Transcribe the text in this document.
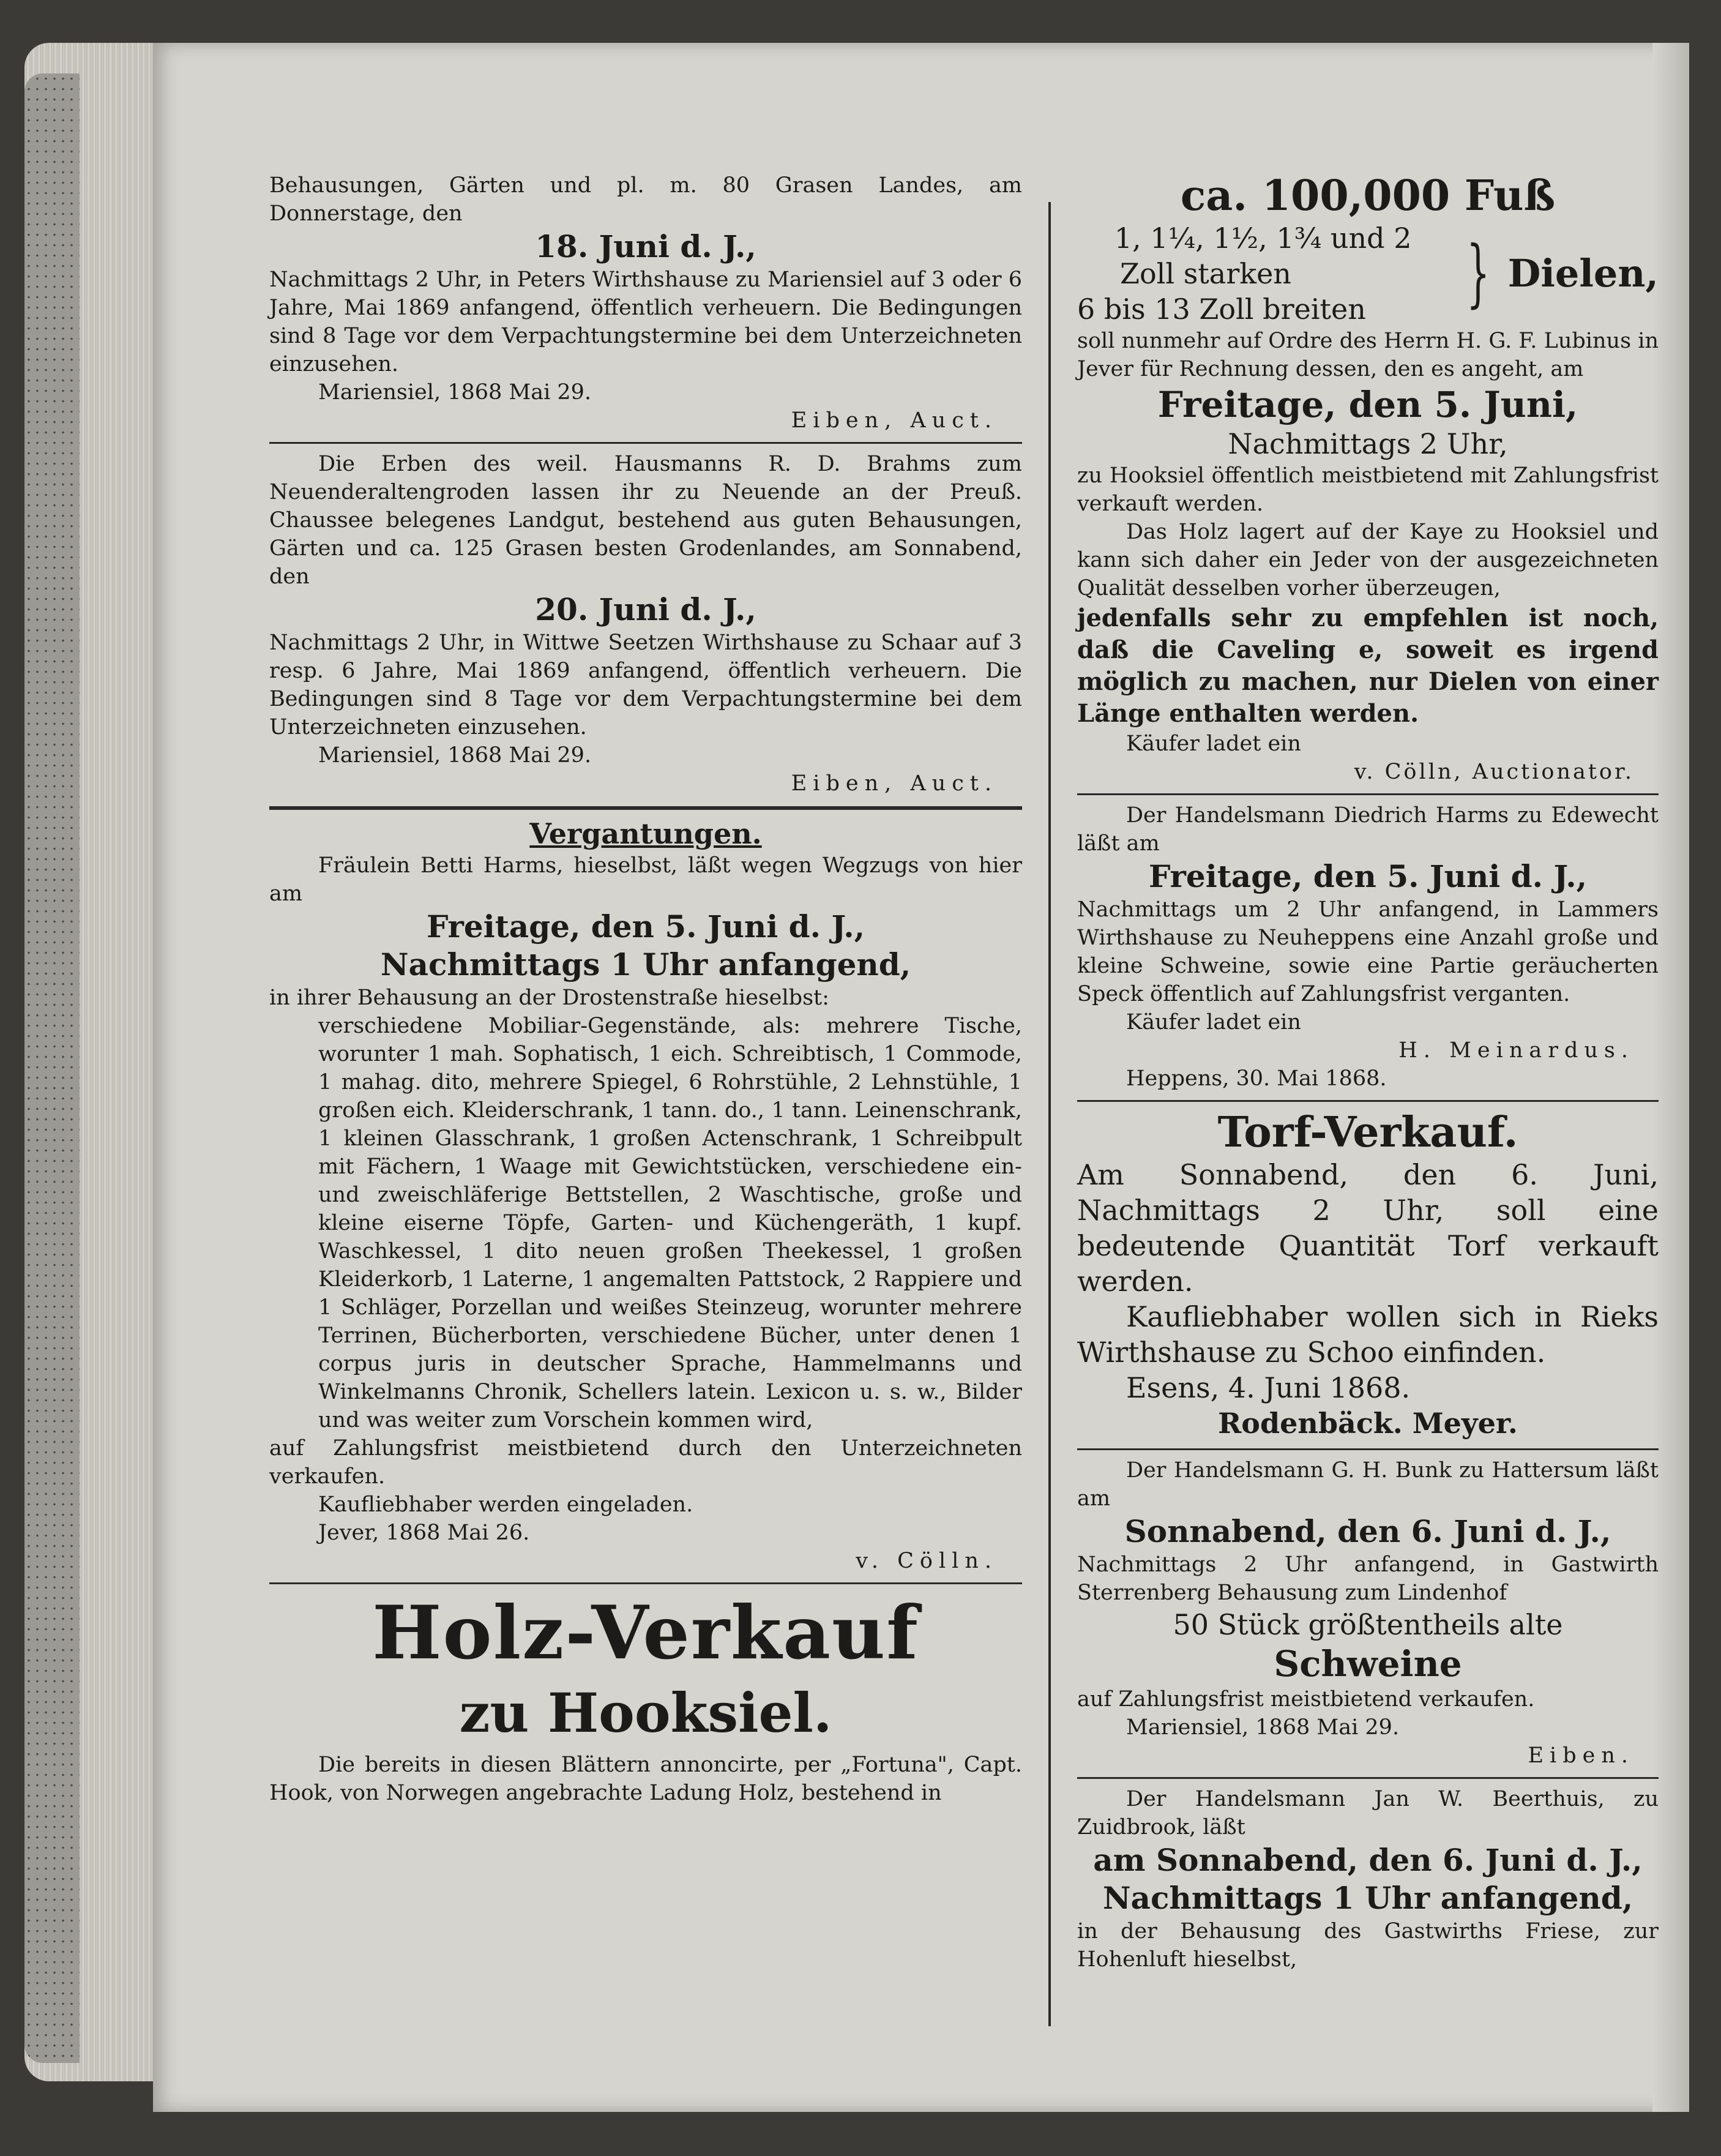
Behausungen, Gärten und pl. m. 80 Grasen Landes, am Donnerstage, den

18. Juni d. J.,

Nachmittags 2 Uhr, in Peters Wirthshause zu Mariensiel auf 3 oder 6 Jahre, Mai 1869 anfangend, öffentlich verheuern. Die Bedingungen sind 8 Tage vor dem Verpachtungstermine bei dem Unterzeichneten einzusehen.

Mariensiel, 1868 Mai 29.

Eiben, Auct.

Die Erben des weil. Hausmanns R. D. Brahms zum Neuenderaltengroden lassen ihr zu Neuende an der Preuß. Chaussee belegenes Landgut, bestehend aus guten Behausungen, Gärten und ca. 125 Grasen besten Grodenlandes, am Sonnabend, den

20. Juni d. J.,

Nachmittags 2 Uhr, in Wittwe Seetzen Wirthshause zu Schaar auf 3 resp. 6 Jahre, Mai 1869 anfangend, öffentlich verheuern. Die Bedingungen sind 8 Tage vor dem Verpachtungstermine bei dem Unterzeichneten einzusehen.

Mariensiel, 1868 Mai 29.

Eiben, Auct.

Vergantungen.

Fräulein Betti Harms, hieselbst, läßt wegen Wegzugs von hier am

Freitage, den 5. Juni d. J.,

Nachmittags 1 Uhr anfangend,

in ihrer Behausung an der Drostenstraße hieselbst:

verschiedene Mobiliar-Gegenstände, als: mehrere Tische, worunter 1 mah. Sophatisch, 1 eich. Schreibtisch, 1 Commode, 1 mahag. dito, mehrere Spiegel, 6 Rohrstühle, 2 Lehnstühle, 1 großen eich. Kleiderschrank, 1 tann. do., 1 tann. Leinenschrank, 1 kleinen Glasschrank, 1 großen Actenschrank, 1 Schreibpult mit Fächern, 1 Waage mit Gewichtstücken, verschiedene ein- und zweischläferige Bettstellen, 2 Waschtische, große und kleine eiserne Töpfe, Garten- und Küchengeräth, 1 kupf. Waschkessel, 1 dito neuen großen Theekessel, 1 großen Kleiderkorb, 1 Laterne, 1 angemalten Pattstock, 2 Rappiere und 1 Schläger, Porzellan und weißes Steinzeug, worunter mehrere Terrinen, Bücherborten, verschiedene Bücher, unter denen 1 corpus juris in deutscher Sprache, Hammelmanns und Winkelmanns Chronik, Schellers latein. Lexicon u. s. w., Bilder und was weiter zum Vorschein kommen wird,

auf Zahlungsfrist meistbietend durch den Unterzeichneten verkaufen.

Kaufliebhaber werden eingeladen.

Jever, 1868 Mai 26.

v. Cölln.

Holz-Verkauf

zu Hooksiel.

Die bereits in diesen Blättern annoncirte, per „Fortuna", Capt. Hook, von Norwegen angebrachte Ladung Holz, bestehend in

ca. 100,000 Fuß

1, 1¼, 1½, 1¾ und 2

Zoll starken

6 bis 13 Zoll breiten	} Dielen,

soll nunmehr auf Ordre des Herrn H. G. F. Lubinus in Jever für Rechnung dessen, den es angeht, am

Freitage, den 5. Juni,

Nachmittags 2 Uhr,

zu Hooksiel öffentlich meistbietend mit Zahlungsfrist verkauft werden.

Das Holz lagert auf der Kaye zu Hooksiel und kann sich daher ein Jeder von der ausgezeichneten Qualität desselben vorher überzeugen,

jedenfalls sehr zu empfehlen ist noch, daß die Caveling e, soweit es irgend möglich zu machen, nur Dielen von einer Länge enthalten werden.

Käufer ladet ein

v. Cölln, Auctionator.

Der Handelsmann Diedrich Harms zu Edewecht läßt am

Freitage, den 5. Juni d. J.,

Nachmittags um 2 Uhr anfangend, in Lammers Wirthshause zu Neuheppens eine Anzahl große und kleine Schweine, sowie eine Partie geräucherten Speck öffentlich auf Zahlungsfrist verganten.

Käufer ladet ein

H. Meinardus.

Heppens, 30. Mai 1868.

Torf-Verkauf.

Am Sonnabend, den 6. Juni, Nachmittags 2 Uhr, soll eine bedeutende Quantität Torf verkauft werden.

Kaufliebhaber wollen sich in Rieks Wirthshause zu Schoo einfinden.

Esens, 4. Juni 1868.

Rodenbäck. Meyer.

Der Handelsmann G. H. Bunk zu Hattersum läßt am

Sonnabend, den 6. Juni d. J.,

Nachmittags 2 Uhr anfangend, in Gastwirth Sterrenberg Behausung zum Lindenhof

50 Stück größtentheils alte

Schweine

auf Zahlungsfrist meistbietend verkaufen.

Mariensiel, 1868 Mai 29.

Eiben.

Der Handelsmann Jan W. Beerthuis, zu Zuidbrook, läßt

am Sonnabend, den 6. Juni d. J.,

Nachmittags 1 Uhr anfangend,

in der Behausung des Gastwirths Friese, zur Hohenluft hieselbst,
